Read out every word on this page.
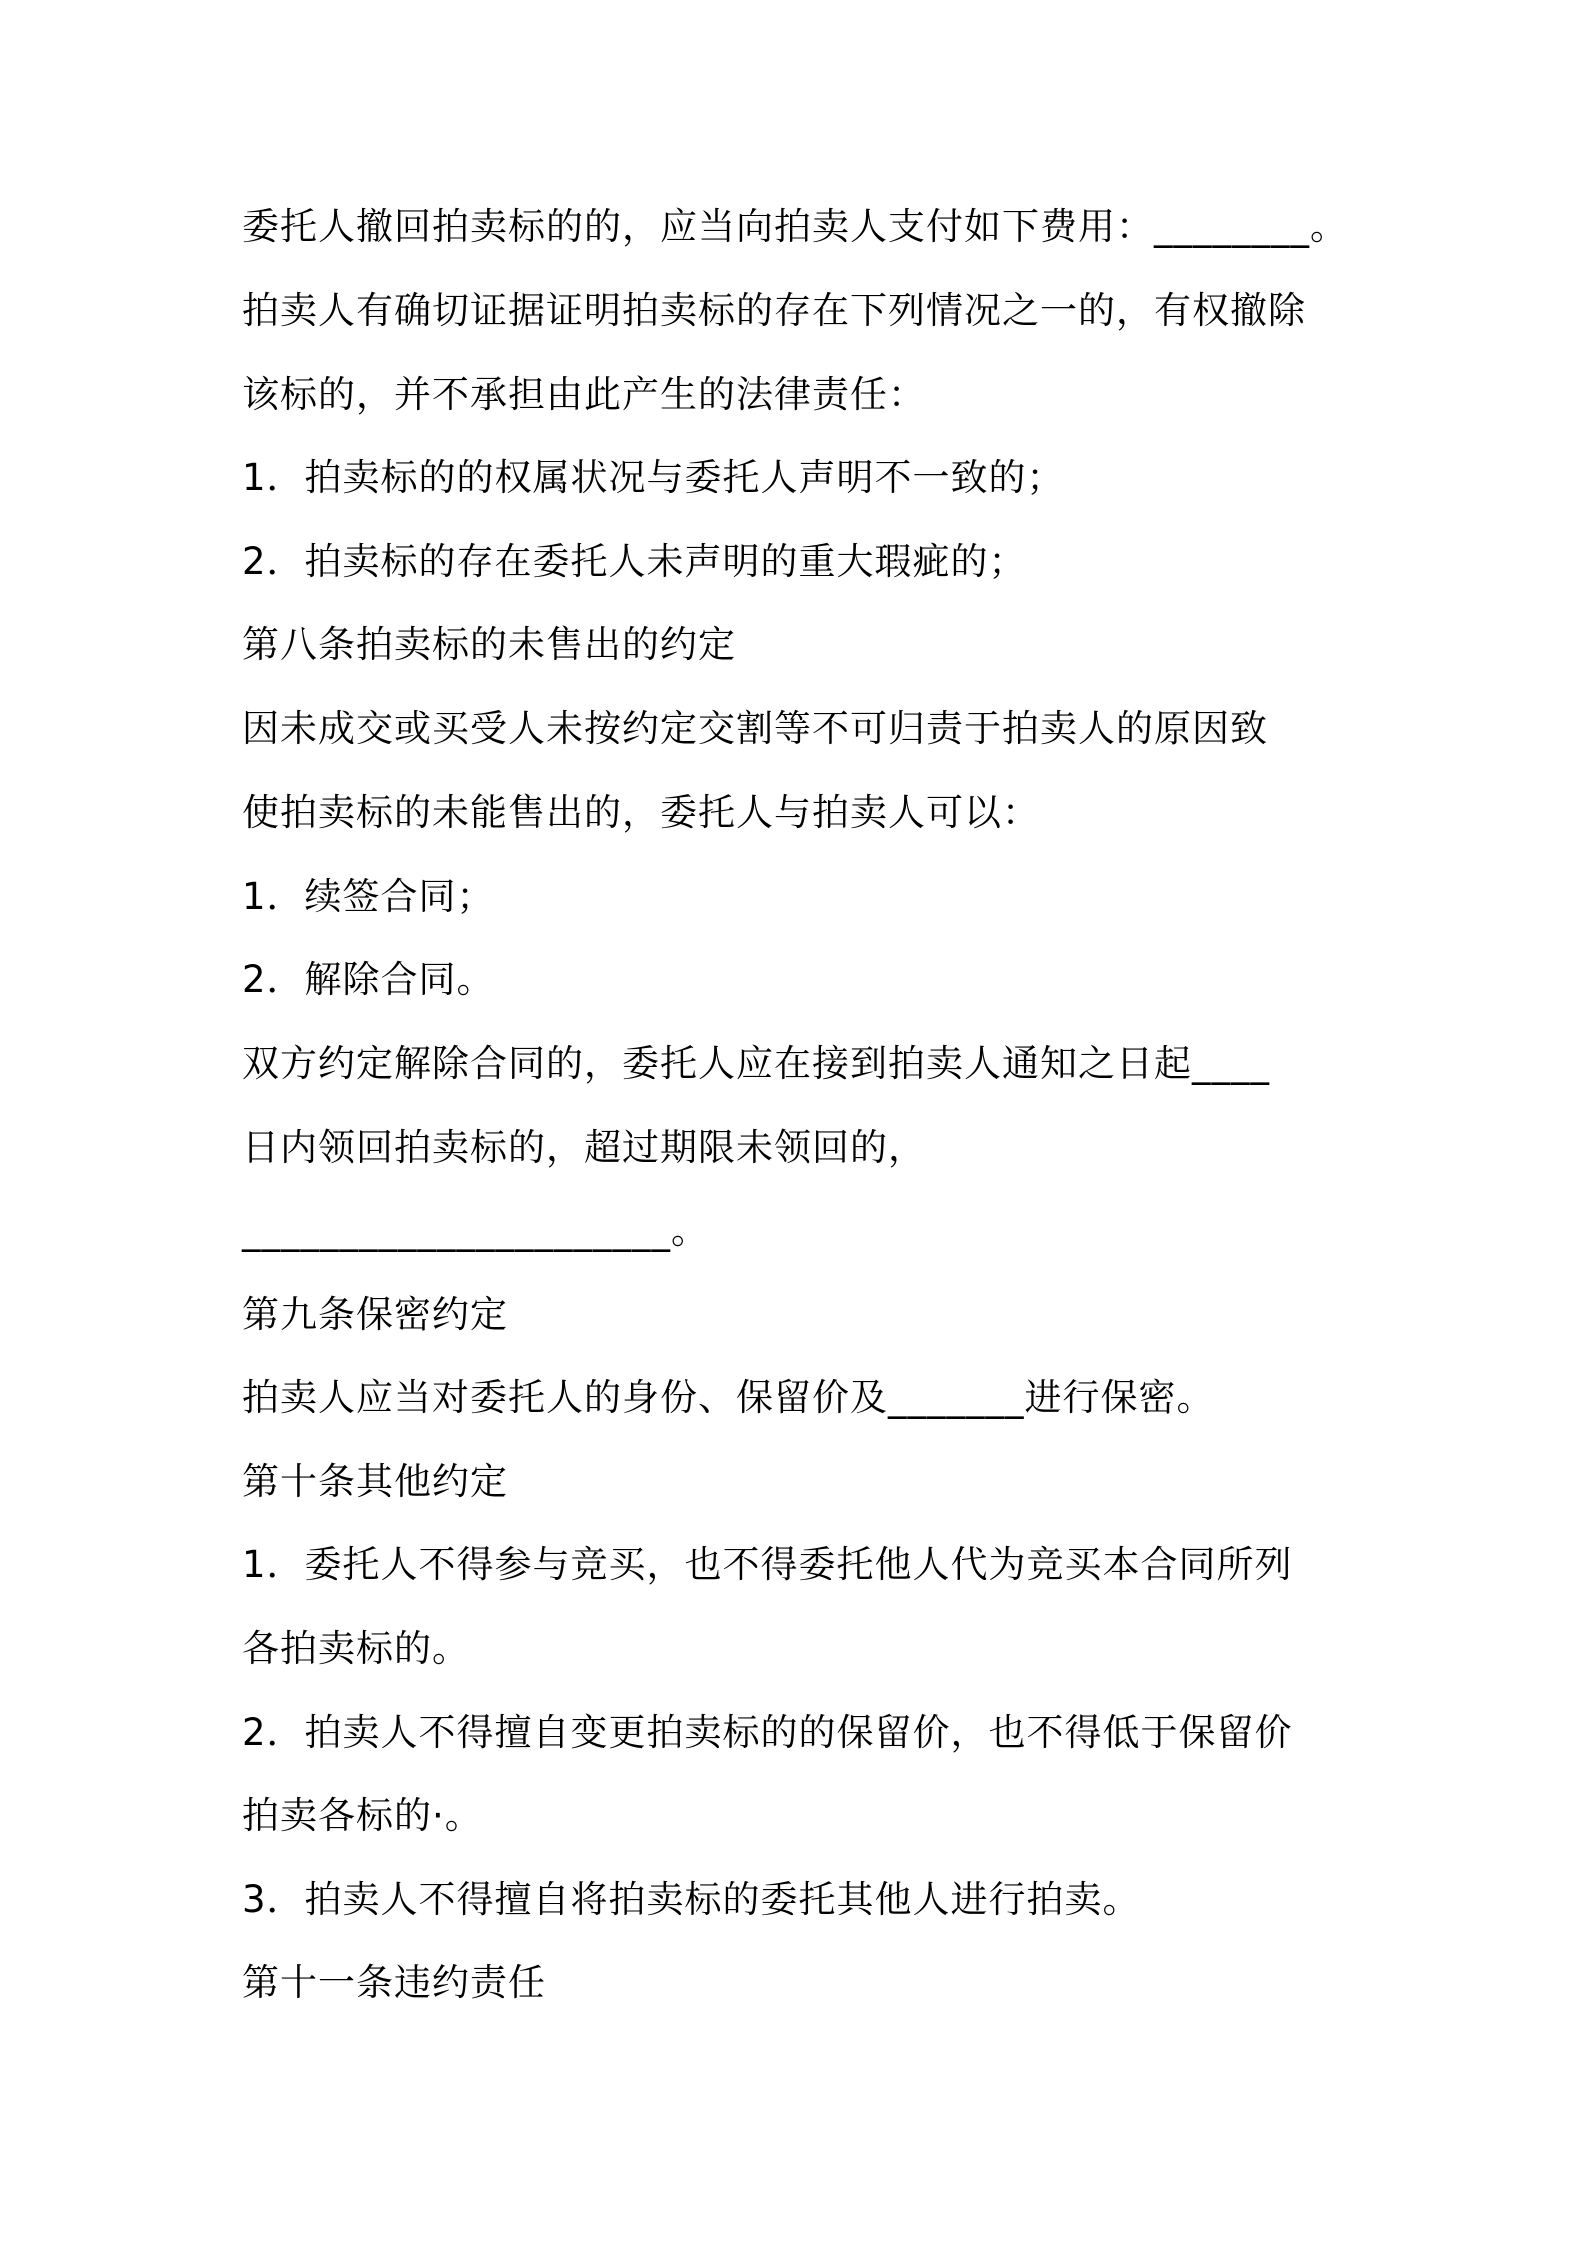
委托人撤回拍卖标的的，应当向拍卖人支付如下费用：________。
拍卖人有确切证据证明拍卖标的存在下列情况之一的，有权撤除
该标的，并不承担由此产生的法律责任：
1．拍卖标的的权属状况与委托人声明不一致的；
2．拍卖标的存在委托人未声明的重大瑕疵的；
第八条拍卖标的未售出的约定
因未成交或买受人未按约定交割等不可归责于拍卖人的原因致
使拍卖标的未能售出的，委托人与拍卖人可以：
1．续签合同；
2．解除合同。
双方约定解除合同的，委托人应在接到拍卖人通知之日起____
日内领回拍卖标的，超过期限未领回的，
______________________。
第九条保密约定
拍卖人应当对委托人的身份、保留价及_______进行保密。
第十条其他约定
1．委托人不得参与竞买，也不得委托他人代为竞买本合同所列
各拍卖标的。
2．拍卖人不得擅自变更拍卖标的的保留价，也不得低于保留价
拍卖各标的·。
3．拍卖人不得擅自将拍卖标的委托其他人进行拍卖。
第十一条违约责任
